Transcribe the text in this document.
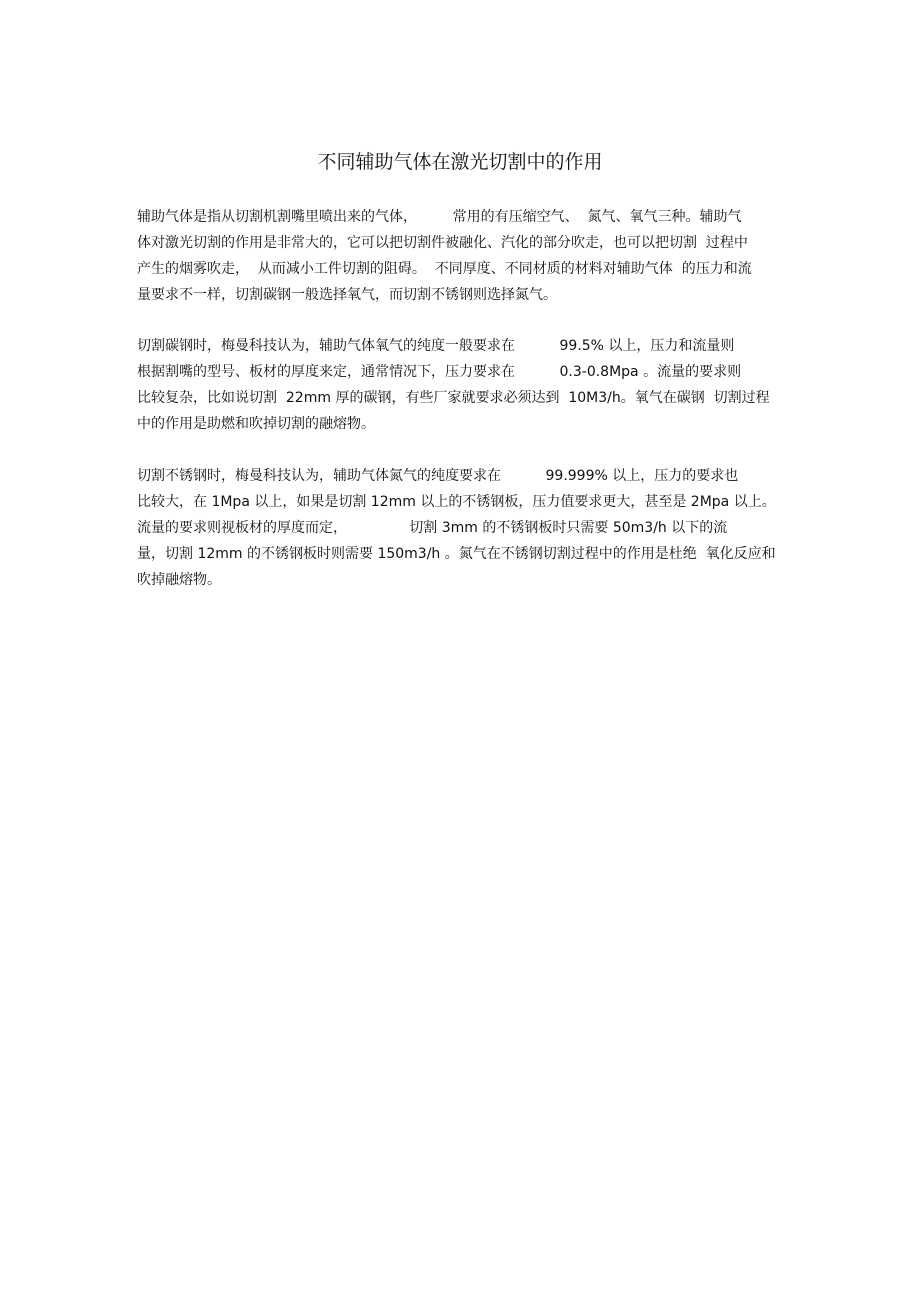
不同辅助气体在激光切割中的作用
辅助气体是指从切割机割嘴里喷出来的气体，        常用的有压缩空气、  氮气、氧气三种。辅助气
体对激光切割的作用是非常大的，它可以把切割件被融化、汽化的部分吹走，也可以把切割  过程中
产生的烟雾吹走，  从而减小工件切割的阻碍。  不同厚度、不同材质的材料对辅助气体  的压力和流
量要求不一样，切割碳钢一般选择氧气，而切割不锈钢则选择氮气。
切割碳钢时，梅曼科技认为，辅助气体氧气的纯度一般要求在          99.5% 以上，压力和流量则
根据割嘴的型号、板材的厚度来定，通常情况下，压力要求在          0.3-0.8Mpa 。流量的要求则
比较复杂，比如说切割  22mm 厚的碳钢，有些厂家就要求必须达到  10M3/h。氧气在碳钢  切割过程
中的作用是助燃和吹掉切割的融熔物。
切割不锈钢时，梅曼科技认为，辅助气体氮气的纯度要求在          99.999% 以上，压力的要求也
比较大，在 1Mpa 以上，如果是切割 12mm 以上的不锈钢板，压力值要求更大，甚至是 2Mpa 以上。
流量的要求则视板材的厚度而定，              切割 3mm 的不锈钢板时只需要 50m3/h 以下的流
量，切割 12mm 的不锈钢板时则需要 150m3/h 。氮气在不锈钢切割过程中的作用是杜绝  氧化反应和
吹掉融熔物。
